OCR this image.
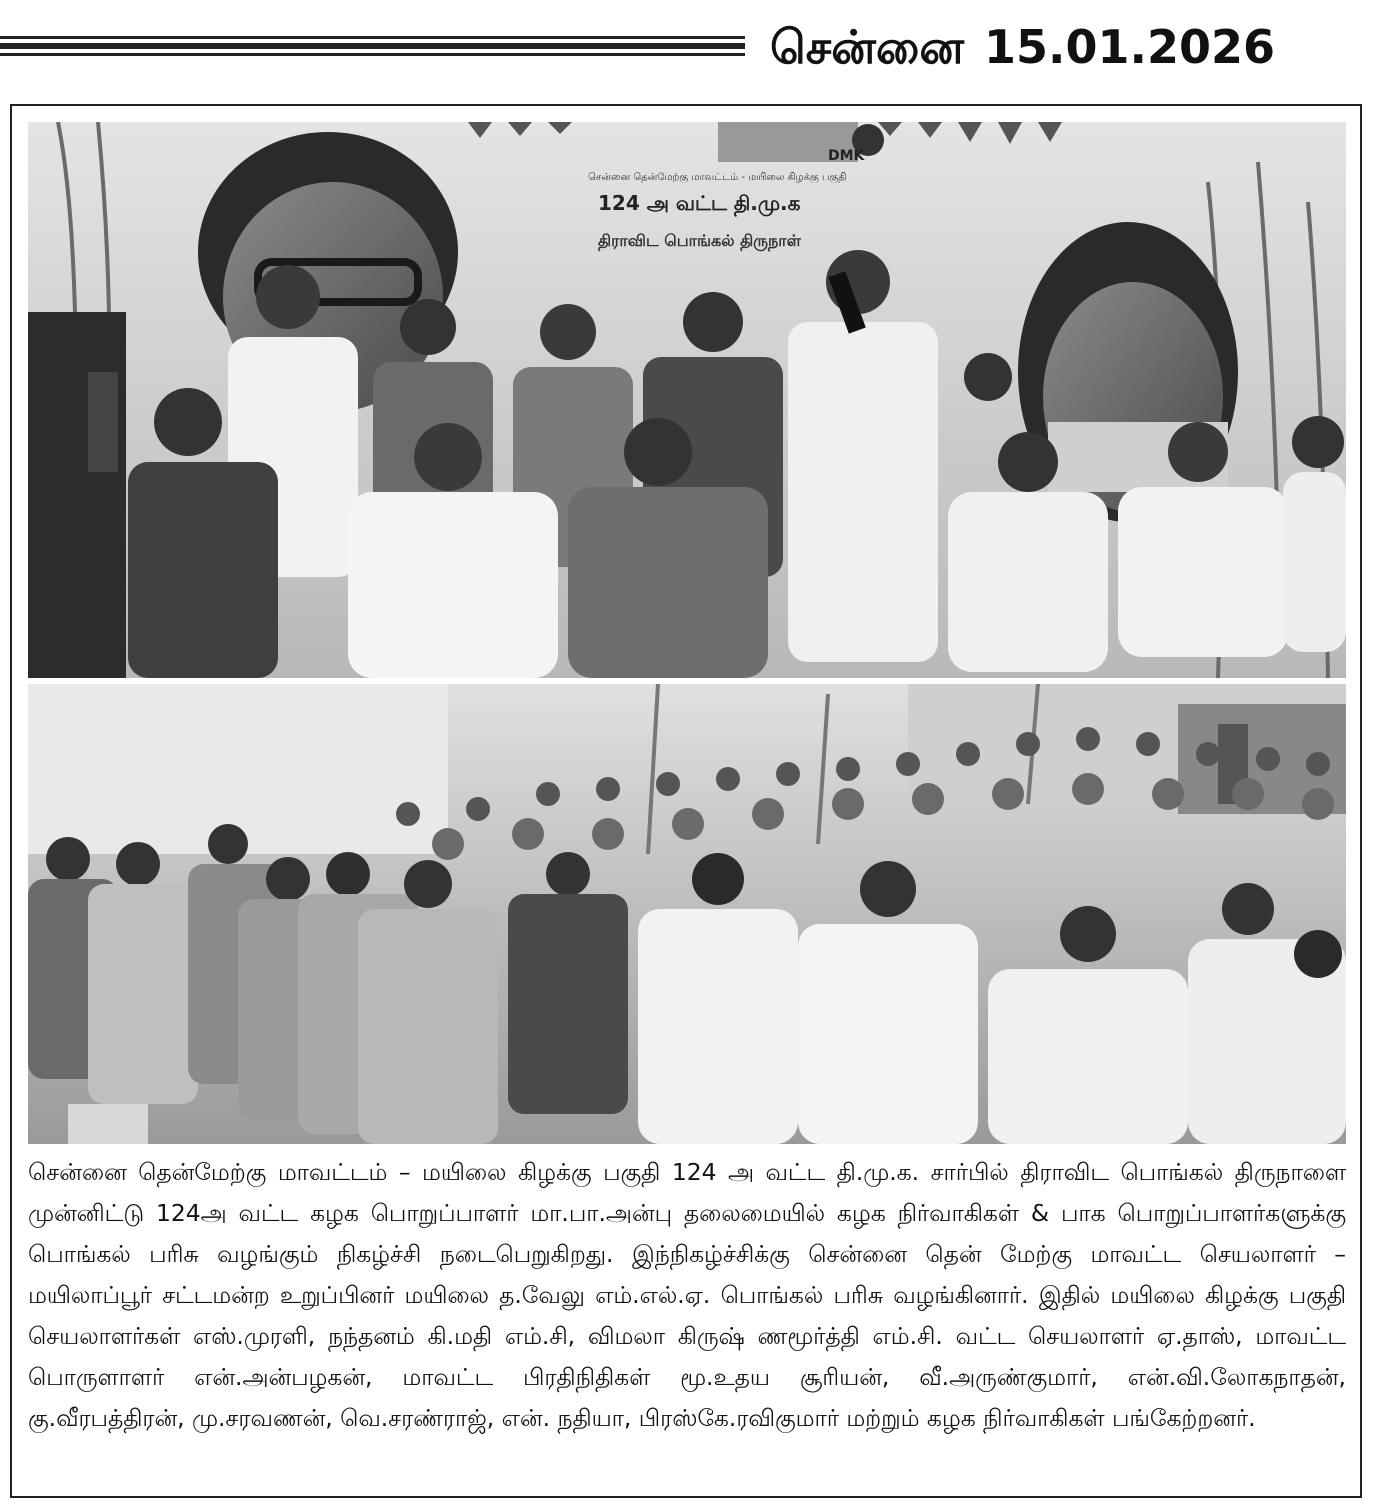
சென்னை 15.01.2026
DMK
சென்னை தென்மேற்கு மாவட்டம் - மயிலை கிழக்கு பகுதி
124 அ வட்ட தி.மு.க
திராவிட பொங்கல் திருநாள்
சென்னை தென்மேற்கு மாவட்டம் – மயிலை கிழக்கு பகுதி 124 அ வட்ட தி.மு.க. சார்பில் திராவிட பொங்கல் திருநாளை முன்னிட்டு 124அ வட்ட கழக பொறுப்பாளர் மா.பா.அன்பு தலைமையில் கழக நிர்வாகிகள் & பாக பொறுப்பாளர்களுக்கு பொங்கல் பரிசு வழங்கும் நிகழ்ச்சி நடைபெறுகிறது. இந்நிகழ்ச்சிக்கு சென்னை தென் மேற்கு மாவட்ட செயலாளர் – மயிலாப்பூர் சட்டமன்ற உறுப்பினர் மயிலை த.வேலு எம்.எல்.ஏ. பொங்கல் பரிசு வழங்கினார். இதில் மயிலை கிழக்கு பகுதி செயலாளர்கள் எஸ்.முரளி, நந்தனம் கி.மதி எம்.சி, விமலா கிருஷ் ணமூர்த்தி எம்.சி. வட்ட செயலாளர் ஏ.தாஸ், மாவட்ட பொருளாளர் என்.அன்பழகன், மாவட்ட பிரதிநிதிகள் மூ.உதய சூரியன், வீ.அருண்குமார், என்.வி.லோகநாதன், கு.வீரபத்திரன், மு.சரவணன், வெ.சரண்ராஜ், என். நதியா, பிரஸ்கே.ரவிகுமார் மற்றும் கழக நிர்வாகிகள் பங்கேற்றனர்.
